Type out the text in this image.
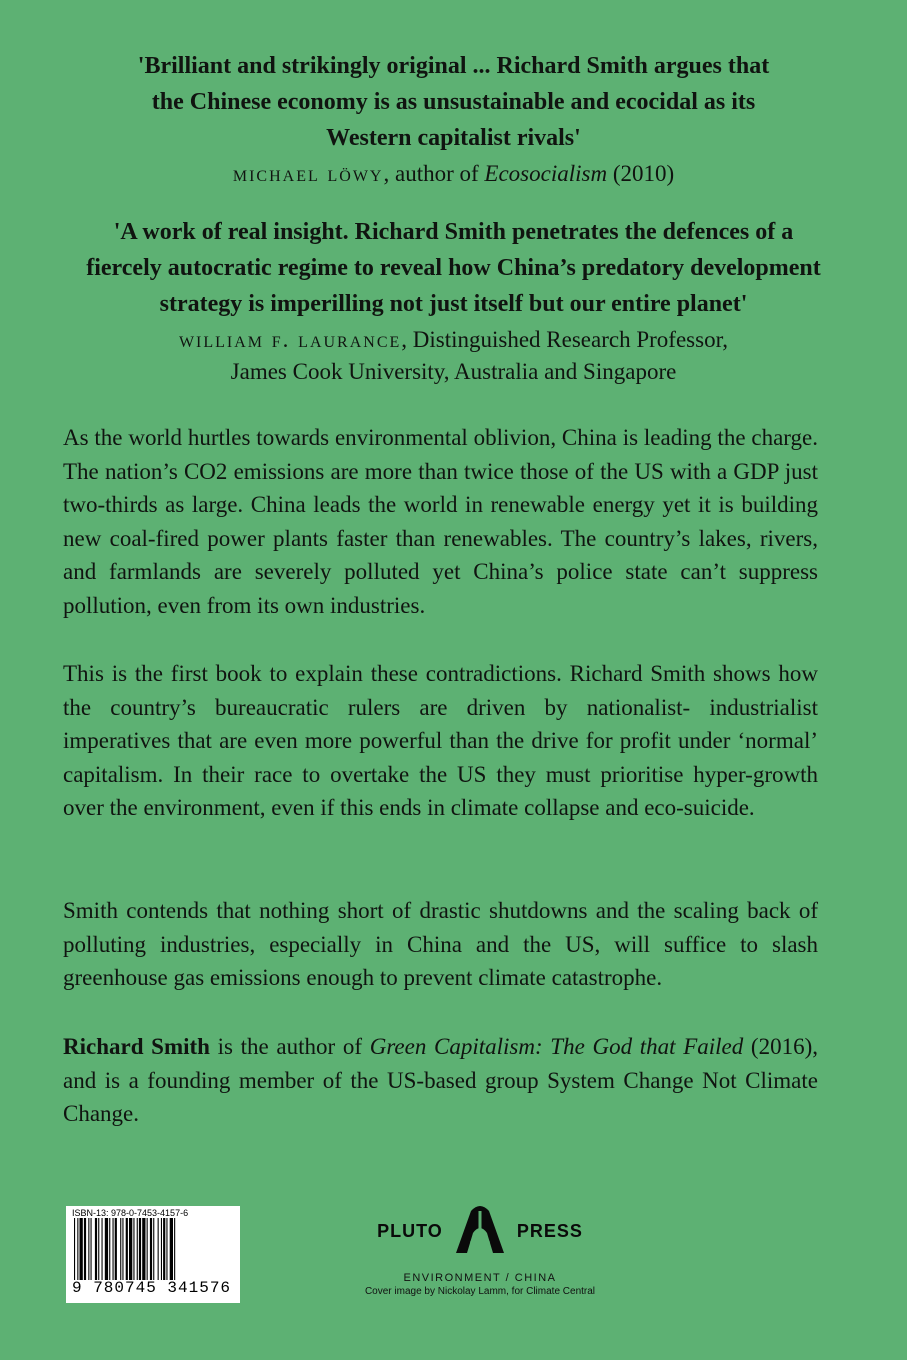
'Brilliant and strikingly original ... Richard Smith argues that

the Chinese economy is as unsustainable and ecocidal as its

Western capitalist rivals'

michael löwy, author of Ecosocialism (2010)

'A work of real insight. Richard Smith penetrates the defences of a

fiercely autocratic regime to reveal how China’s predatory development

strategy is imperilling not just itself but our entire planet'

william f. laurance, Distinguished Research Professor,

James Cook University, Australia and Singapore

As the world hurtles towards environmental oblivion, China is leading the charge. The nation’s CO2 emissions are more than twice those of the US with a GDP just two-thirds as large. China leads the world in renewable energy yet it is building new coal-fired power plants faster than renewables. The country’s lakes, rivers, and farmlands are severely polluted yet China’s police state can’t suppress pollution, even from its own industries.

This is the first book to explain these contradictions. Richard Smith shows how the country’s bureaucratic rulers are driven by nationalist- industrialist imperatives that are even more powerful than the drive for profit under ‘normal’ capitalism. In their race to overtake the US they must prioritise hyper-growth over the environment, even if this ends in climate collapse and eco-suicide.

Smith contends that nothing short of drastic shutdowns and the scaling back of polluting industries, especially in China and the US, will suffice to slash greenhouse gas emissions enough to prevent climate catastrophe.

Richard Smith is the author of Green Capitalism: The God that Failed (2016), and is a founding member of the US-based group System Change Not Climate Change.

ISBN-13: 978-0-7453-4157-6
9 780745 341576
PLUTO	PRESS
ENVIRONMENT / CHINA
Cover image by Nickolay Lamm, for Climate Central
